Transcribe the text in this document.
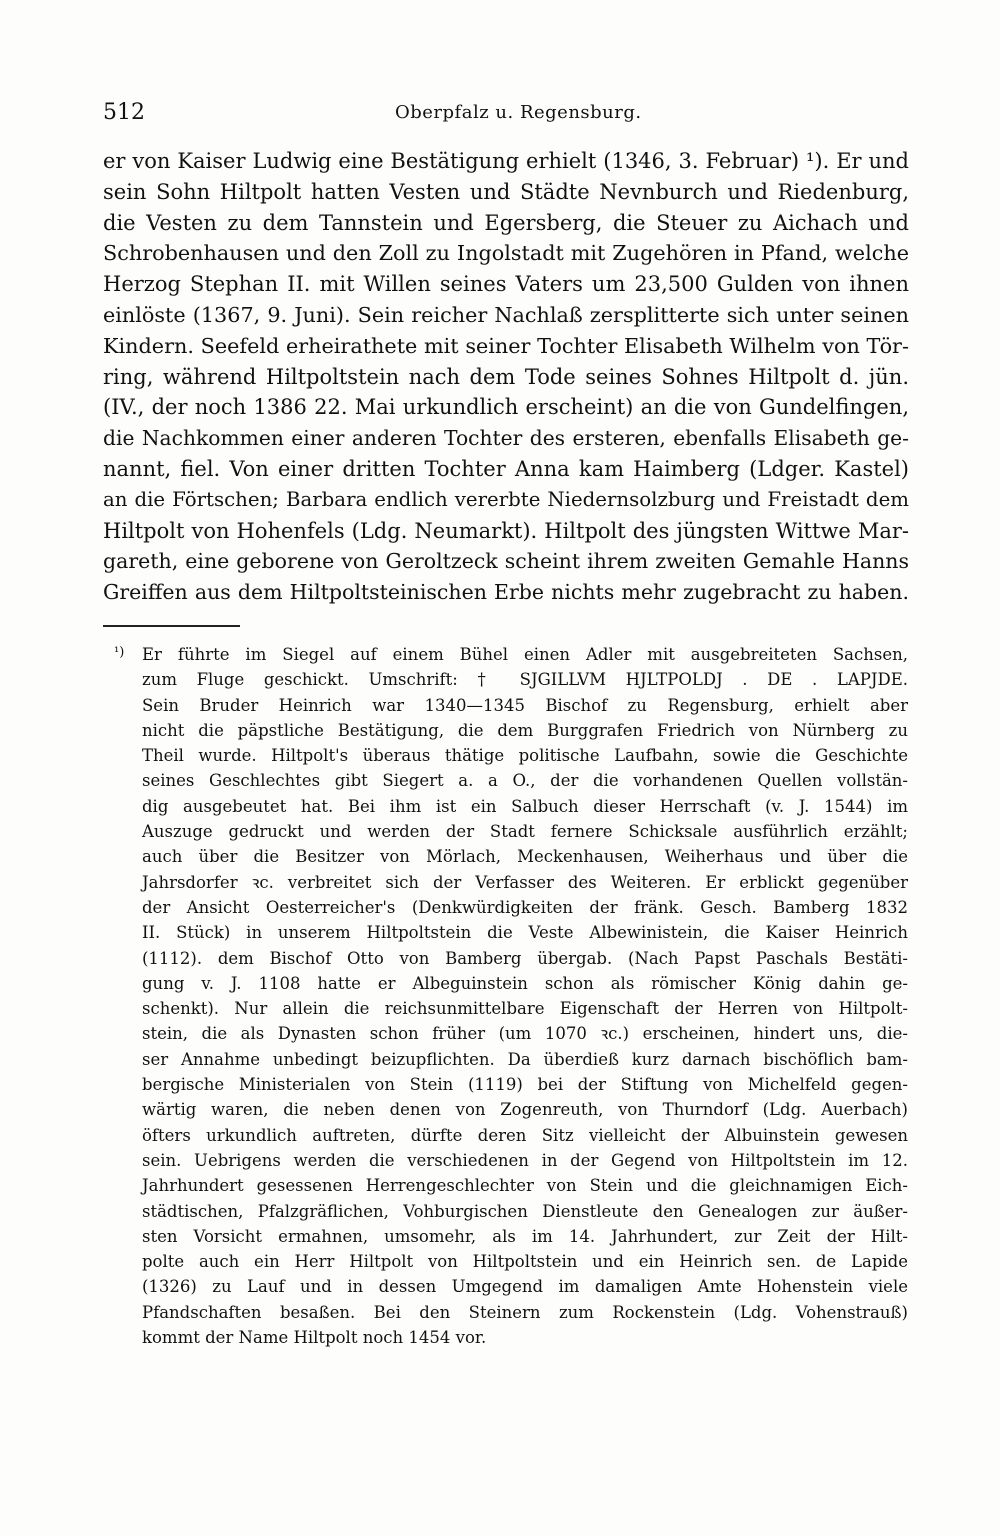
512	Oberpfalz u. Regensburg.
er von Kaiser Ludwig eine Bestätigung erhielt (1346, 3. Februar) ¹). Er und
sein Sohn Hiltpolt hatten Vesten und Städte Nevnburch und Riedenburg,
die Vesten zu dem Tannstein und Egersberg, die Steuer zu Aichach und
Schrobenhausen und den Zoll zu Ingolstadt mit Zugehören in Pfand, welche
Herzog Stephan II. mit Willen seines Vaters um 23,500 Gulden von ihnen
einlöste (1367, 9. Juni). Sein reicher Nachlaß zersplitterte sich unter seinen
Kindern. Seefeld erheirathete mit seiner Tochter Elisabeth Wilhelm von Tör-
ring, während Hiltpoltstein nach dem Tode seines Sohnes Hiltpolt d. jün.
(IV., der noch 1386 22. Mai urkundlich erscheint) an die von Gundelfingen,
die Nachkommen einer anderen Tochter des ersteren, ebenfalls Elisabeth ge-
nannt, fiel. Von einer dritten Tochter Anna kam Haimberg (Ldger. Kastel)
an die Förtschen; Barbara endlich vererbte Niedernsolzburg und Freistadt dem
Hiltpolt von Hohenfels (Ldg. Neumarkt). Hiltpolt des jüngsten Wittwe Mar-
gareth, eine geborene von Geroltzeck scheint ihrem zweiten Gemahle Hanns
Greiffen aus dem Hiltpoltsteinischen Erbe nichts mehr zugebracht zu haben.
¹) Er führte im Siegel auf einem Bühel einen Adler mit ausgebreiteten Sachsen,
zum Fluge geschickt. Umschrift: † SJGILLVM HJLTPOLDJ . DE . LAPJDE.
Sein Bruder Heinrich war 1340—1345 Bischof zu Regensburg, erhielt aber
nicht die päpstliche Bestätigung, die dem Burggrafen Friedrich von Nürnberg zu
Theil wurde. Hiltpolt's überaus thätige politische Laufbahn, sowie die Geschichte
seines Geschlechtes gibt Siegert a. a O., der die vorhandenen Quellen vollstän-
dig ausgebeutet hat. Bei ihm ist ein Salbuch dieser Herrschaft (v. J. 1544) im
Auszuge gedruckt und werden der Stadt fernere Schicksale ausführlich erzählt;
auch über die Besitzer von Mörlach, Meckenhausen, Weiherhaus und über die
Jahrsdorfer ꝛc. verbreitet sich der Verfasser des Weiteren. Er erblickt gegenüber
der Ansicht Oesterreicher's (Denkwürdigkeiten der fränk. Gesch. Bamberg 1832
II. Stück) in unserem Hiltpoltstein die Veste Albewinistein, die Kaiser Heinrich
(1112). dem Bischof Otto von Bamberg übergab. (Nach Papst Paschals Bestäti-
gung v. J. 1108 hatte er Albeguinstein schon als römischer König dahin ge-
schenkt). Nur allein die reichsunmittelbare Eigenschaft der Herren von Hiltpolt-
stein, die als Dynasten schon früher (um 1070 ꝛc.) erscheinen, hindert uns, die-
ser Annahme unbedingt beizupflichten. Da überdieß kurz darnach bischöflich bam-
bergische Ministerialen von Stein (1119) bei der Stiftung von Michelfeld gegen-
wärtig waren, die neben denen von Zogenreuth, von Thurndorf (Ldg. Auerbach)
öfters urkundlich auftreten, dürfte deren Sitz vielleicht der Albuinstein gewesen
sein. Uebrigens werden die verschiedenen in der Gegend von Hiltpoltstein im 12.
Jahrhundert gesessenen Herrengeschlechter von Stein und die gleichnamigen Eich-
städtischen, Pfalzgräflichen, Vohburgischen Dienstleute den Genealogen zur äußer-
sten Vorsicht ermahnen, umsomehr, als im 14. Jahrhundert, zur Zeit der Hilt-
polte auch ein Herr Hiltpolt von Hiltpoltstein und ein Heinrich sen. de Lapide
(1326) zu Lauf und in dessen Umgegend im damaligen Amte Hohenstein viele
Pfandschaften besaßen. Bei den Steinern zum Rockenstein (Ldg. Vohenstrauß)
kommt der Name Hiltpolt noch 1454 vor.
